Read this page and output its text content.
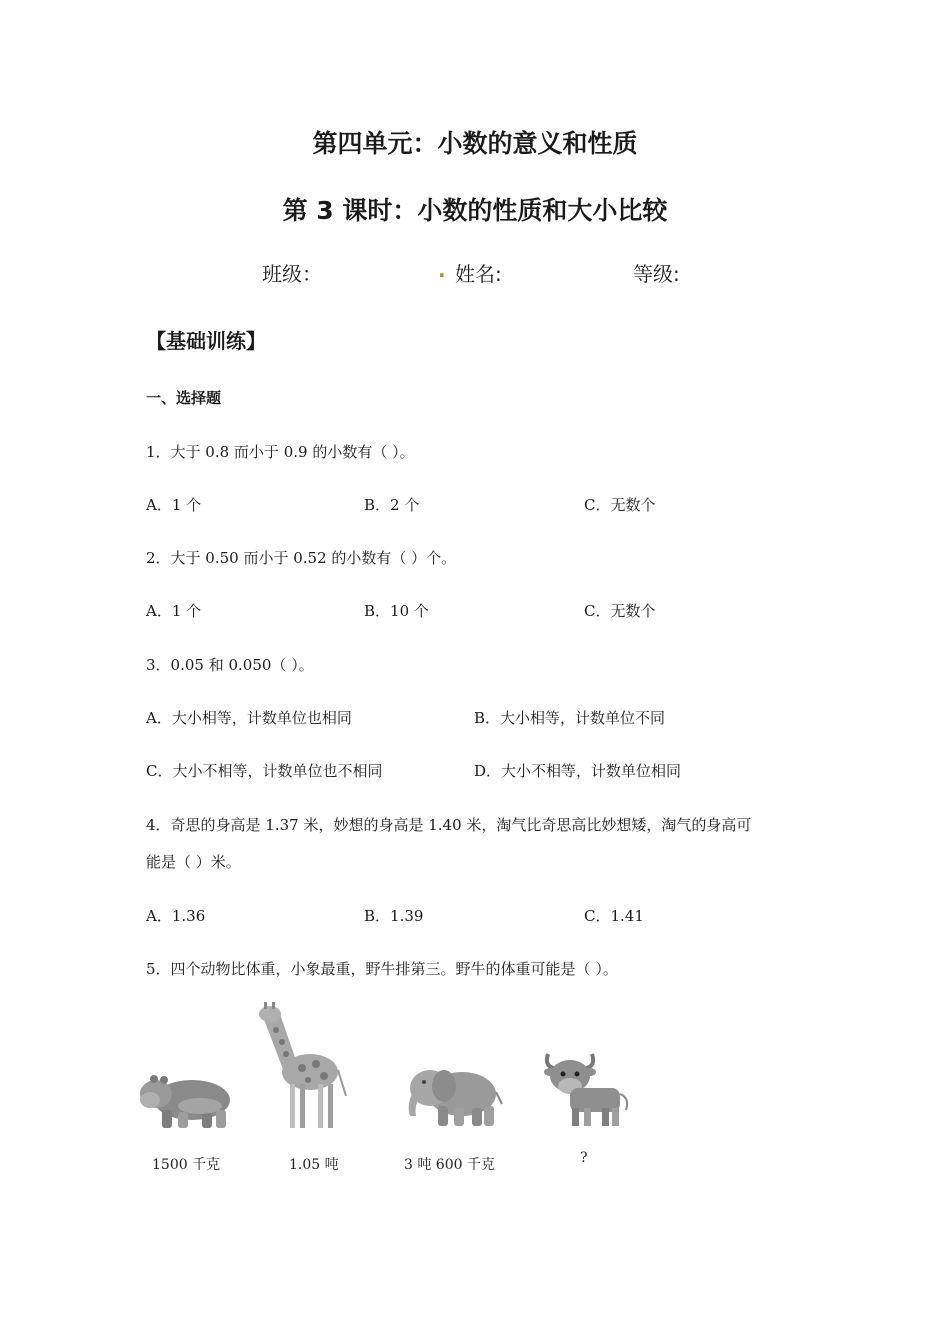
第四单元：小数的意义和性质
第 3 课时：小数的性质和大小比较
班级：	. 姓名:	等级:
【基础训练】
一、选择题
1．大于 0.8 而小于 0.9 的小数有（ ）。
A．1 个	B．2 个	C．无数个
2．大于 0.50 而小于 0.52 的小数有（ ）个。
A．1 个	B．10 个	C．无数个
3．0.05 和 0.050（ ）。
A．大小相等，计数单位也相同	B．大小相等，计数单位不同
C．大小不相等，计数单位也不相同	D．大小不相等，计数单位相同
4．奇思的身高是 1.37 米，妙想的身高是 1.40 米，淘气比奇思高比妙想矮，淘气的身高可
能是（ ）米。
A．1.36	B．1.39	C．1.41
5．四个动物比体重，小象最重，野牛排第三。野牛的体重可能是（ ）。
1500 千克	1.05 吨	3 吨 600 千克	?
